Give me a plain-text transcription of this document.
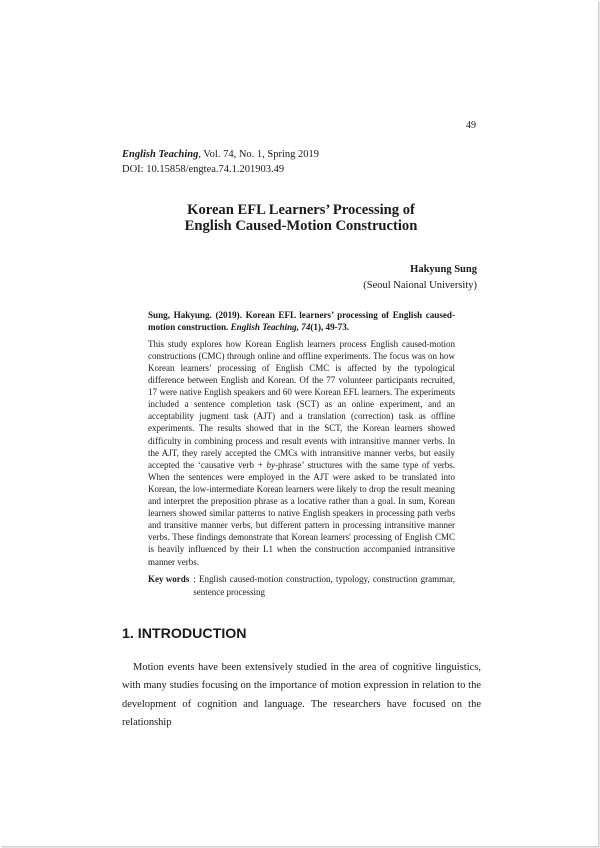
49
English Teaching, Vol. 74, No. 1, Spring 2019
DOI: 10.15858/engtea.74.1.201903.49
Korean EFL Learners’ Processing of
English Caused-Motion Construction
Hakyung Sung
(Seoul Naional University)

Sung, Hakyung. (2019). Korean EFL learners’ processing of English caused-motion construction. English Teaching, 74(1), 49-73.

This study explores how Korean English learners process English caused-motion constructions (CMC) through online and offline experiments. The focus was on how Korean learners’ processing of English CMC is affected by the typological difference between English and Korean. Of the 77 volunteer participants recruited, 17 were native English speakers and 60 were Korean EFL learners. The experiments included a sentence completion task (SCT) as an online experiment, and an acceptability jugment task (AJT) and a translation (correction) task as offline experiments. The results showed that in the SCT, the Korean learners showed difficulty in combining process and result events with intransitive manner verbs. In the AJT, they rarely accepted the CMCs with intransitive manner verbs, but easily accepted the ‘causative verb + by-phrase’ structures with the same type of verbs. When the sentences were employed in the AJT were asked to be translated into Korean, the low-intermediate Korean learners were likely to drop the result meaning and interpret the preposition phrase as a locative rather than a goal. In sum, Korean learners showed similar patterns to native English speakers in processing path verbs and transitive manner verbs, but different pattern in processing intransitive manner verbs. These findings demonstrate that Korean learners' processing of English CMC is heavily influenced by their L1 when the construction accompanied intransitive manner verbs.

Key words : English caused-motion construction, typology, construction grammar, sentence processing
1. INTRODUCTION

Motion events have been extensively studied in the area of cognitive linguistics, with many studies focusing on the importance of motion expression in relation to the development of cognition and language. The researchers have focused on the relationship
